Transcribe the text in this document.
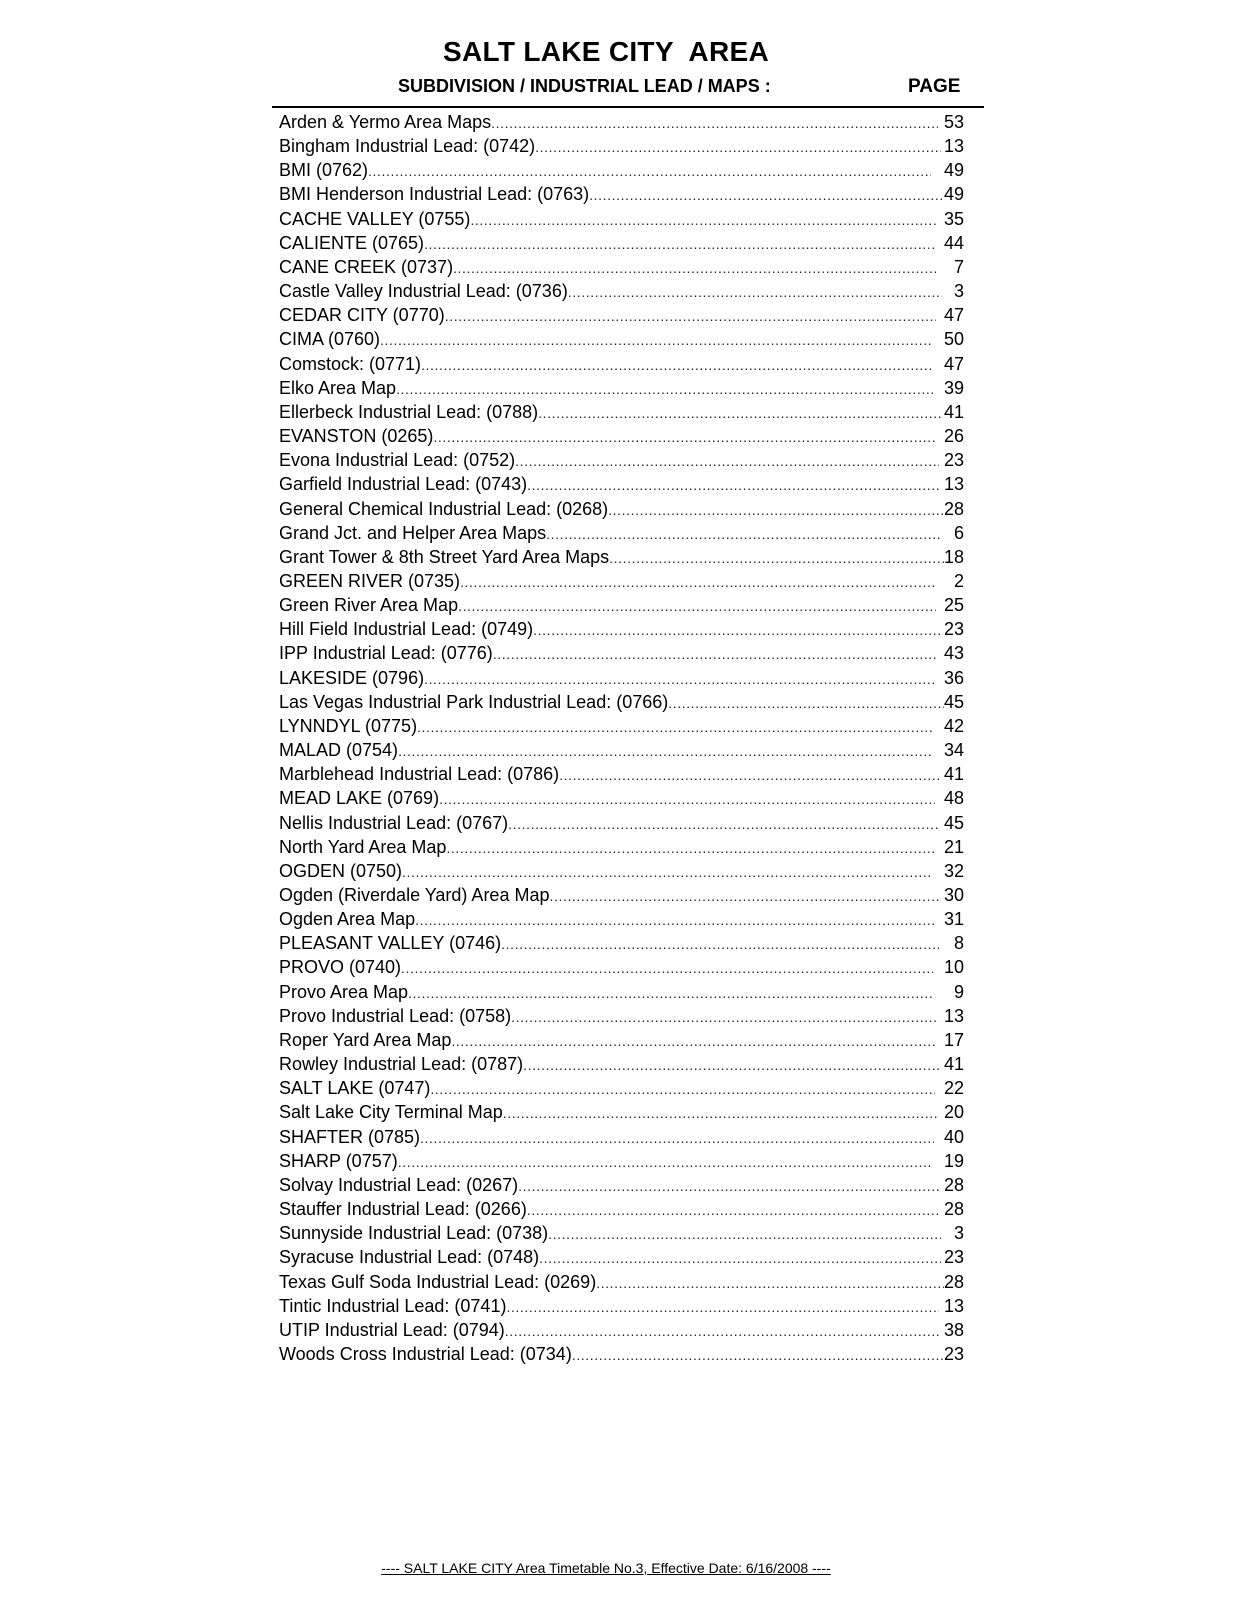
SALT LAKE CITY  AREA
SUBDIVISION / INDUSTRIAL LEAD / MAPS :	PAGE
Arden & Yermo Area Maps .....	53
Bingham Industrial Lead: (0742) .....	13
BMI (0762) .....	49
BMI Henderson Industrial Lead: (0763) .....	49
CACHE VALLEY (0755) .....	35
CALIENTE (0765) .....	44
CANE CREEK (0737) .....	7
Castle Valley Industrial Lead: (0736) .....	3
CEDAR CITY (0770) .....	47
CIMA (0760) .....	50
Comstock: (0771) .....	47
Elko Area Map .....	39
Ellerbeck Industrial Lead: (0788) .....	41
EVANSTON (0265) .....	26
Evona Industrial Lead: (0752) .....	23
Garfield Industrial Lead: (0743) .....	13
General Chemical Industrial Lead: (0268) .....	28
Grand Jct. and Helper Area Maps .....	6
Grant Tower & 8th Street Yard Area Maps .....	18
GREEN RIVER (0735) .....	2
Green River Area Map .....	25
Hill Field Industrial Lead: (0749) .....	23
IPP Industrial Lead: (0776) .....	43
LAKESIDE (0796) .....	36
Las Vegas Industrial Park Industrial Lead: (0766) .....	45
LYNNDYL (0775) .....	42
MALAD (0754) .....	34
Marblehead Industrial Lead: (0786) .....	41
MEAD LAKE (0769) .....	48
Nellis Industrial Lead: (0767) .....	45
North Yard Area Map .....	21
OGDEN (0750) .....	32
Ogden (Riverdale Yard) Area Map .....	30
Ogden Area Map .....	31
PLEASANT VALLEY (0746) .....	8
PROVO (0740) .....	10
Provo Area Map .....	9
Provo Industrial Lead: (0758) .....	13
Roper Yard Area Map .....	17
Rowley Industrial Lead: (0787) .....	41
SALT LAKE (0747) .....	22
Salt Lake City Terminal Map .....	20
SHAFTER (0785) .....	40
SHARP (0757) .....	19
Solvay Industrial Lead: (0267) .....	28
Stauffer Industrial Lead: (0266) .....	28
Sunnyside Industrial Lead: (0738) .....	3
Syracuse Industrial Lead: (0748) .....	23
Texas Gulf Soda Industrial Lead: (0269) .....	28
Tintic Industrial Lead: (0741) .....	13
UTIP Industrial Lead: (0794) .....	38
Woods Cross Industrial Lead: (0734) .....	23
---- SALT LAKE CITY Area Timetable No.3, Effective Date: 6/16/2008 ----
